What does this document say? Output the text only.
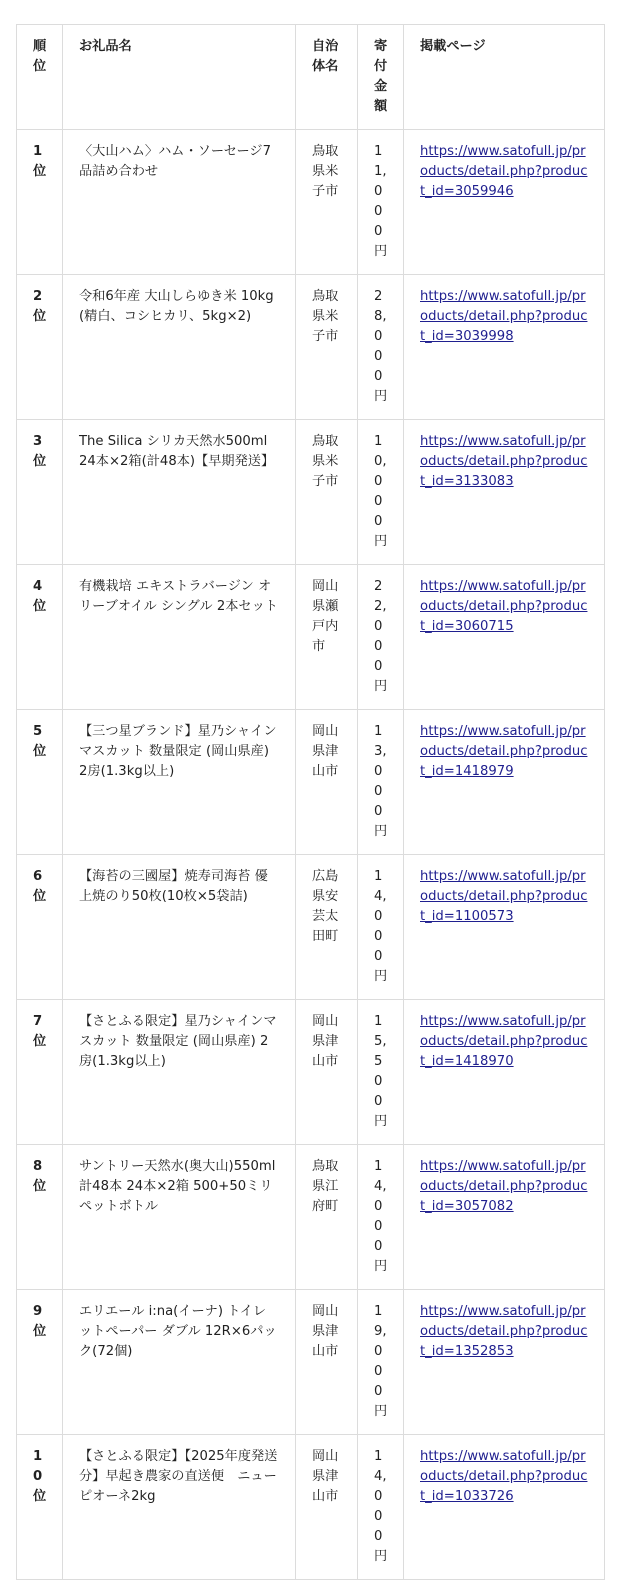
順位	お礼品名	自治体名	寄付金額	掲載ページ
1位	〈大山ハム〉ハム・ソーセージ7品詰め合わせ	鳥取県米子市	11,000円	https://www.satofull.jp/products/detail.php?product_id=3059946
2位	令和6年産 大山しらゆき米 10kg(精白、コシヒカリ、5kg×2)	鳥取県米子市	28,000円	https://www.satofull.jp/products/detail.php?product_id=3039998
3位	The Silica シリカ天然水500ml 24本×2箱(計48本)【早期発送】	鳥取県米子市	10,000円	https://www.satofull.jp/products/detail.php?product_id=3133083
4位	有機栽培 エキストラバージン オリーブオイル シングル 2本セット	岡山県瀬戸内市	22,000円	https://www.satofull.jp/products/detail.php?product_id=3060715
5位	【三つ星ブランド】星乃シャインマスカット 数量限定 (岡山県産) 2房(1.3kg以上)	岡山県津山市	13,000円	https://www.satofull.jp/products/detail.php?product_id=1418979
6位	【海苔の三國屋】焼寿司海苔 優上焼のり50枚(10枚×5袋詰)	広島県安芸太田町	14,000円	https://www.satofull.jp/products/detail.php?product_id=1100573
7位	【さとふる限定】星乃シャインマスカット 数量限定 (岡山県産) 2房(1.3kg以上)	岡山県津山市	15,500円	https://www.satofull.jp/products/detail.php?product_id=1418970
8位	サントリー天然水(奥大山)550ml 計48本 24本×2箱 500+50ミリペットボトル	鳥取県江府町	14,000円	https://www.satofull.jp/products/detail.php?product_id=3057082
9位	エリエール i:na(イーナ) トイレットペーパー ダブル 12R×6パック(72個)	岡山県津山市	19,000円	https://www.satofull.jp/products/detail.php?product_id=1352853
10位	【さとふる限定】【2025年度発送分】早起き農家の直送便　ニューピオーネ2kg	岡山県津山市	14,000円	https://www.satofull.jp/products/detail.php?product_id=1033726
